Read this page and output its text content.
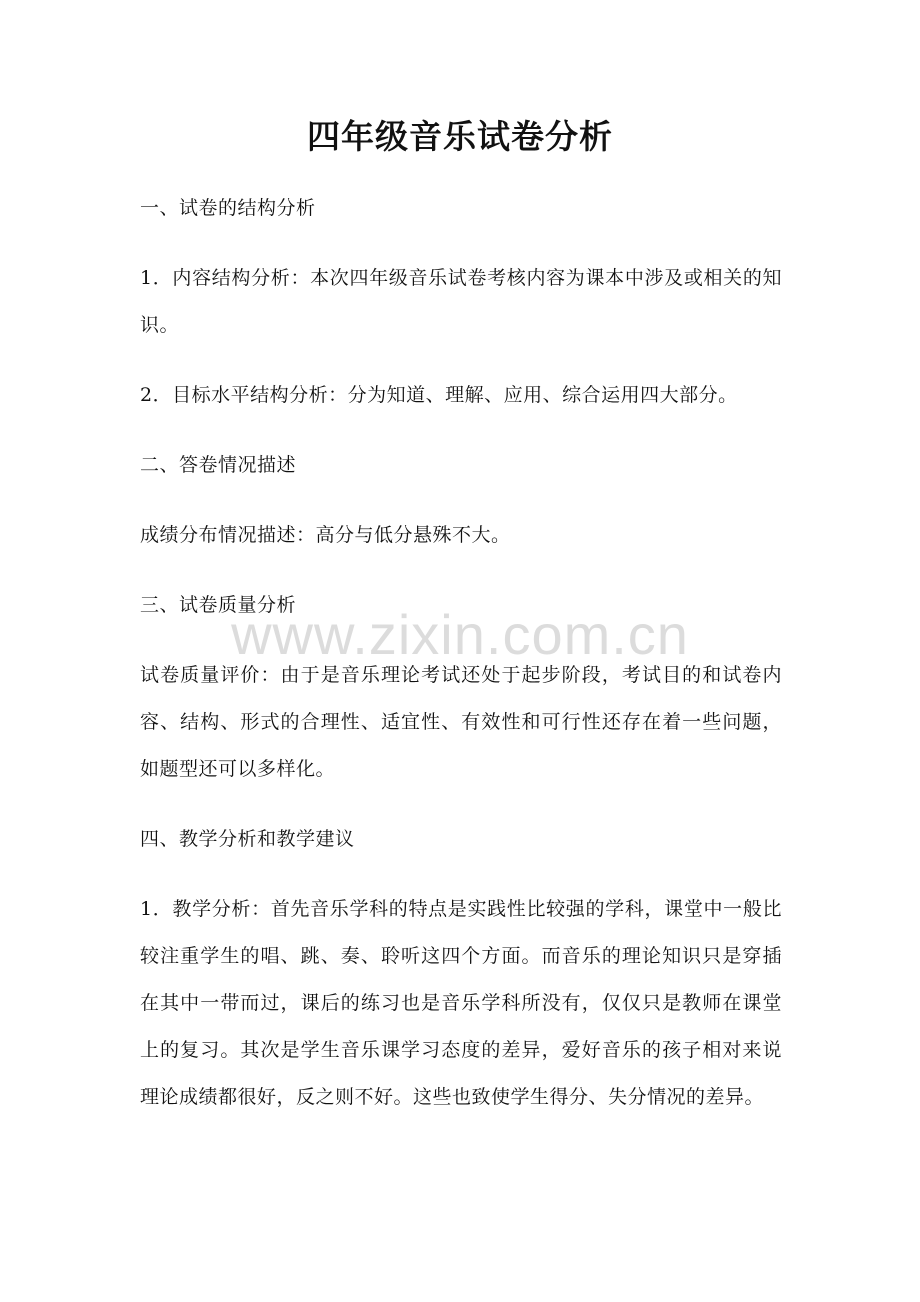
四年级音乐试卷分析

一、试卷的结构分析

1．内容结构分析：本次四年级音乐试卷考核内容为课本中涉及或相关的知识。

2．目标水平结构分析：分为知道、理解、应用、综合运用四大部分。

二、答卷情况描述

成绩分布情况描述：高分与低分悬殊不大。

三、试卷质量分析

试卷质量评价：由于是音乐理论考试还处于起步阶段，考试目的和试卷内容、结构、形式的合理性、适宜性、有效性和可行性还存在着一些问题，如题型还可以多样化。

四、教学分析和教学建议

1．教学分析：首先音乐学科的特点是实践性比较强的学科，课堂中一般比较注重学生的唱、跳、奏、聆听这四个方面。而音乐的理论知识只是穿插在其中一带而过，课后的练习也是音乐学科所没有，仅仅只是教师在课堂上的复习。其次是学生音乐课学习态度的差异，爱好音乐的孩子相对来说理论成绩都很好，反之则不好。这些也致使学生得分、失分情况的差异。

www.zixin.com.cn
